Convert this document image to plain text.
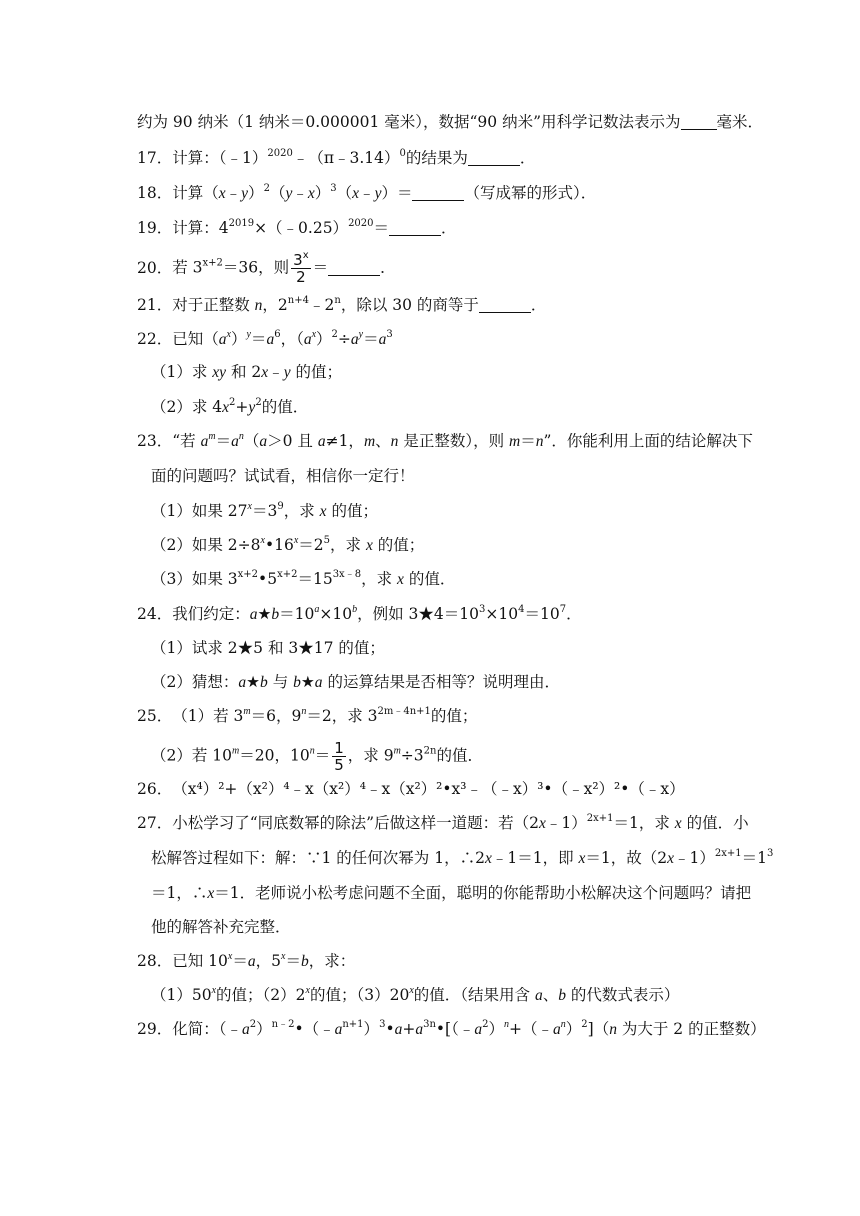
约为 90 纳米（1 纳米＝0.000001 毫米），数据“90 纳米”用科学记数法表示为 毫米．
17．计算：（﹣1）$^{2020}$﹣（π﹣3.14）$^0$的结果为	．
18．计算（x﹣y）$^2$（y﹣x）$^3$（x﹣y）＝	（写成幂的形式）．
19．计算：$4^{2019}\times(﹣0.25)^{2020}=$	．
20．若 $3^{x+2}=36$，则 $\frac{3^x}{2}$ ＝	．
21．对于正整数 n，$2^{n+4}﹣2^n$，除以 30 的商等于	．
22．已知$(a^x)^y=a^6$，$(a^x)^2\div a^y=a^3$
（1）求 xy 和 2x﹣y 的值；
（2）求 $4x^2+y^2$的值．
23．“若 $a^m=a^n(a>0$ 且 a≠1，m、n 是正整数），则 m＝n”．你能利用上面的结论解决下
面的问题吗？试试看，相信你一定行！
（1）如果 $27^x=3^9$，求 x 的值；
（2）如果 $2\div 8^x•16^x=2^5$，求 x 的值；
（3）如果 $3^{x+2}•5^{x+2}=15^{3x﹣8}$，求 x 的值．
24．我们约定：$a★b=10^a\times 10^b$，例如 $3★4=10^3\times 10^4=10^7$．
（1）试求 2★5 和 3★17 的值；
（2）猜想：a★b 与 b★a 的运算结果是否相等？说明理由．
25．（1）若 $3^m=6$，$9^n=2$，求 $3^{2m﹣4n+1}$的值；
（2）若 $10^m=20$，$10^n= \frac{1}{5}$ ，求 $9^m\div 3^{2n}$的值．
26．（x⁴）²+（x²）⁴﹣x（x²）⁴﹣x（x²）²•x³﹣（﹣x）³•（﹣x²）²•（﹣x）
27．小松学习了“同底数幂的除法”后做这样一道题：若（2x﹣1）$^{2x+1}$＝1，求 x 的值．小
松解答过程如下：解：∵1 的任何次幂为 1，∴2x﹣1＝1，即 x＝1，故$(2x﹣1)^{2x+1}=1^3$
＝1，∴x＝1．老师说小松考虑问题不全面，聪明的你能帮助小松解决这个问题吗？请把
他的解答补充完整．
28．已知 $10^x=a$，$5^x=b$，求：
（1）50$^x$的值；（2）2$^x$的值；（3）20$^x$的值．（结果用含 a、b 的代数式表示）
29．化简：$(﹣a^2)^{n﹣2}•(﹣a^{n+1})^3•a+a^{3n}•[(﹣a^2)^n+(﹣a^n)^2](n$ 为大于 2 的正整数）
